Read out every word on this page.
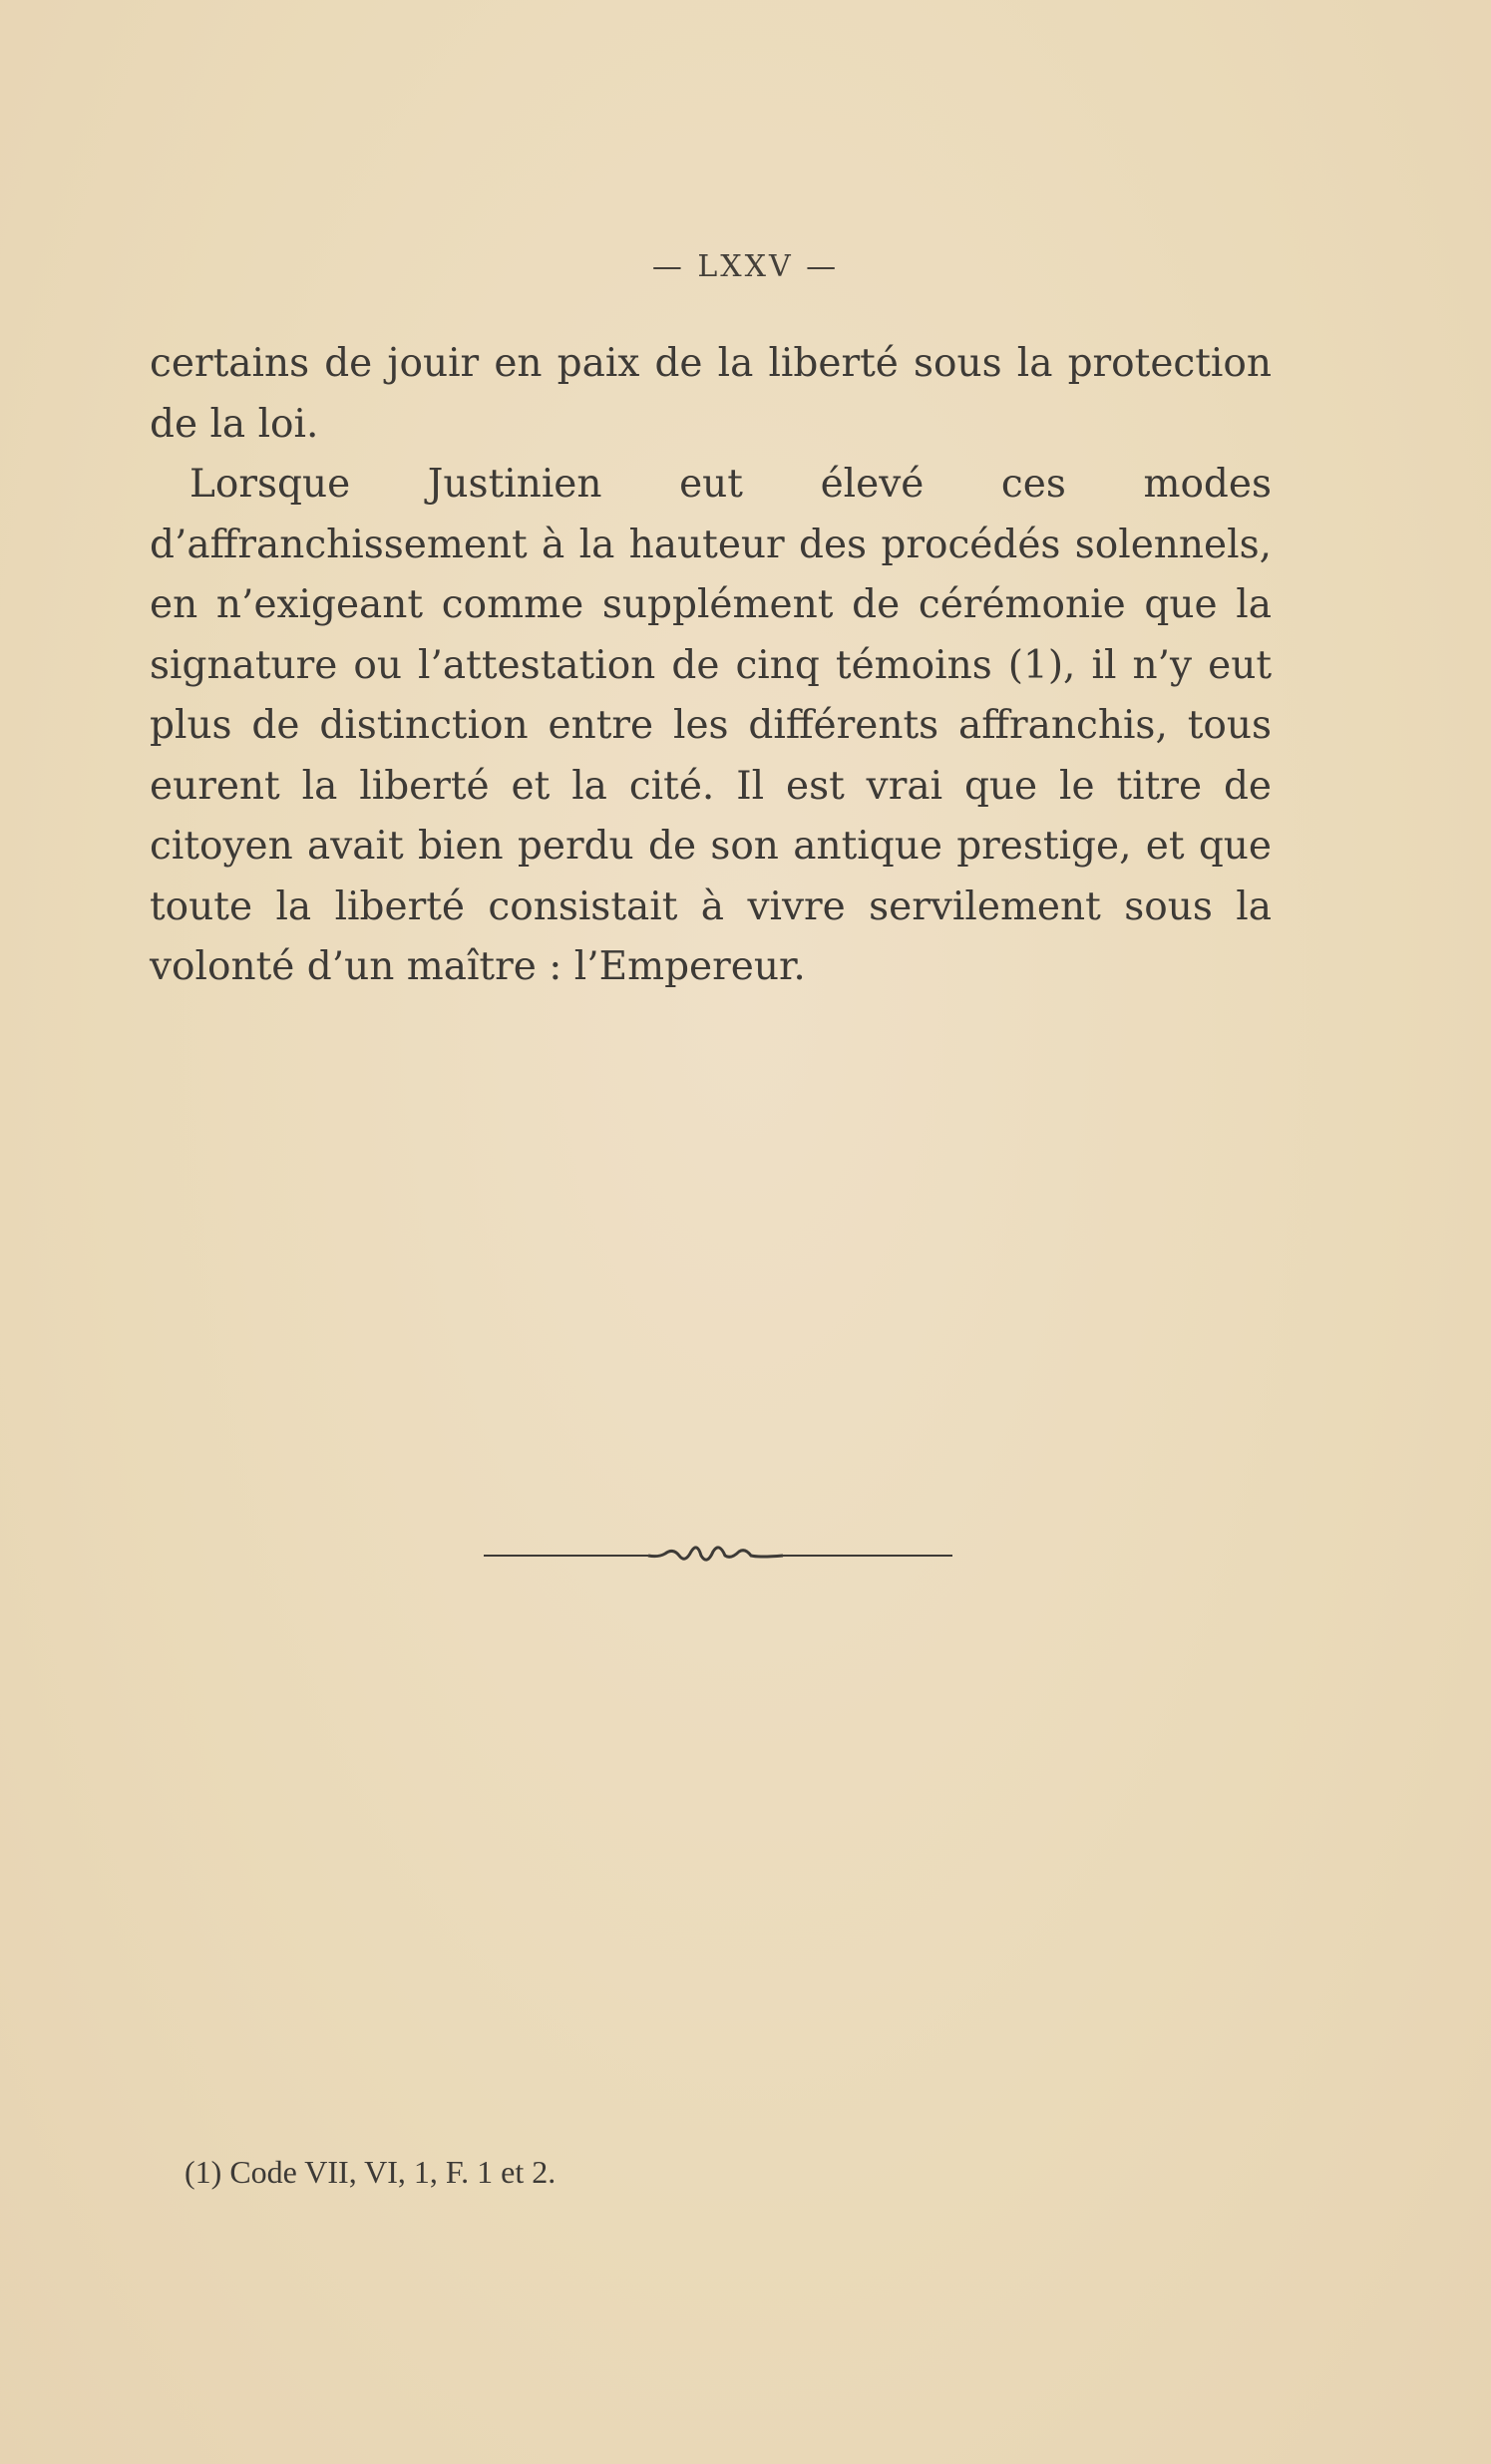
— LXXV —

certains de jouir en paix de la liberté sous la protection de la loi.

Lorsque Justinien eut élevé ces modes d’affranchissement à la hauteur des procédés solennels, en n’exigeant comme supplément de cérémonie que la signature ou l’attestation de cinq témoins (1), il n’y eut plus de distinction entre les différents affranchis, tous eurent la liberté et la cité. Il est vrai que le titre de citoyen avait bien perdu de son antique prestige, et que toute la liberté consistait à vivre servilement sous la volonté d’un maître : l’Empereur.

(1) Code VII, VI, 1, F. 1 et 2.
